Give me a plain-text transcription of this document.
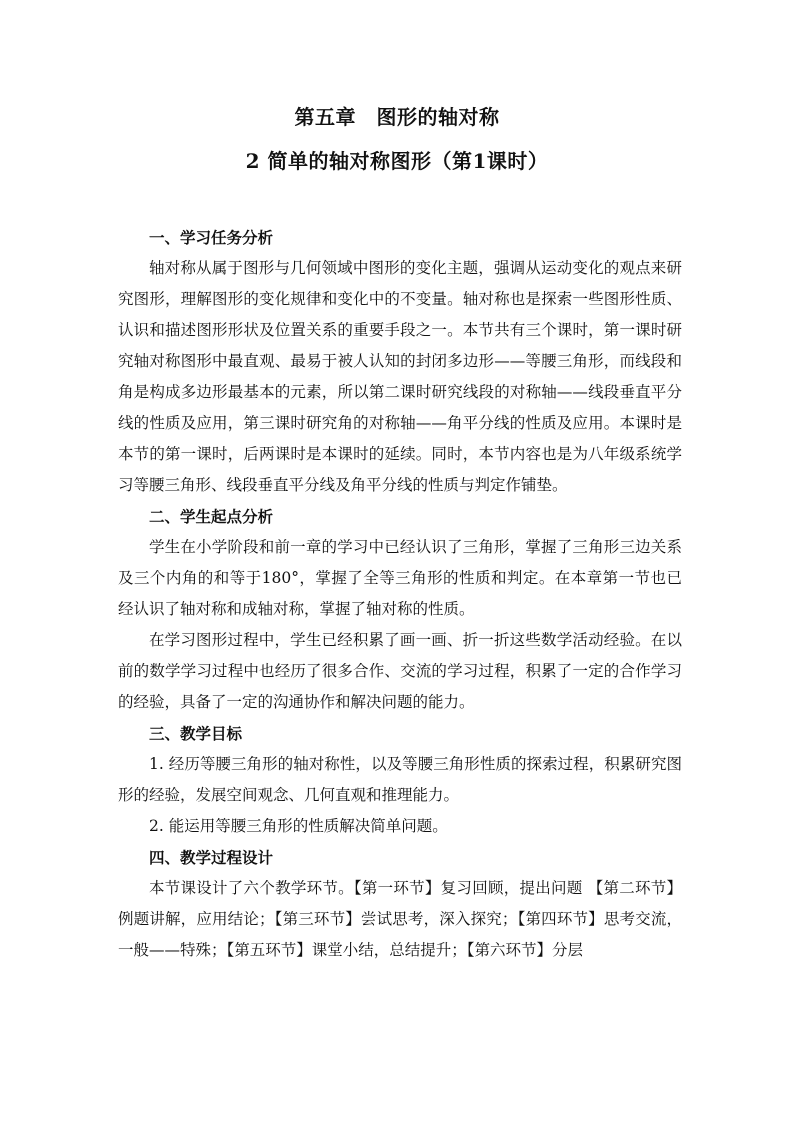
第五章　图形的轴对称
2 简单的轴对称图形（第1课时）

一、学习任务分析

轴对称从属于图形与几何领域中图形的变化主题，强调从运动变化的观点来研究图形，理解图形的变化规律和变化中的不变量。轴对称也是探索一些图形性质、认识和描述图形形状及位置关系的重要手段之一。本节共有三个课时，第一课时研究轴对称图形中最直观、最易于被人认知的封闭多边形——等腰三角形，而线段和角是构成多边形最基本的元素，所以第二课时研究线段的对称轴——线段垂直平分线的性质及应用，第三课时研究角的对称轴——角平分线的性质及应用。本课时是本节的第一课时，后两课时是本课时的延续。同时，本节内容也是为八年级系统学习等腰三角形、线段垂直平分线及角平分线的性质与判定作铺垫。

二、学生起点分析

学生在小学阶段和前一章的学习中已经认识了三角形，掌握了三角形三边关系及三个内角的和等于180°，掌握了全等三角形的性质和判定。在本章第一节也已经认识了轴对称和成轴对称，掌握了轴对称的性质。

在学习图形过程中，学生已经积累了画一画、折一折这些数学活动经验。在以前的数学学习过程中也经历了很多合作、交流的学习过程，积累了一定的合作学习的经验，具备了一定的沟通协作和解决问题的能力。

三、教学目标

1. 经历等腰三角形的轴对称性，以及等腰三角形性质的探索过程，积累研究图形的经验，发展空间观念、几何直观和推理能力。

2. 能运用等腰三角形的性质解决简单问题。

四、教学过程设计

本节课设计了六个教学环节。【第一环节】复习回顾，提出问题 【第二环节】例题讲解，应用结论；【第三环节】尝试思考，深入探究；【第四环节】思考交流，一般——特殊；【第五环节】课堂小结，总结提升；【第六环节】分层
